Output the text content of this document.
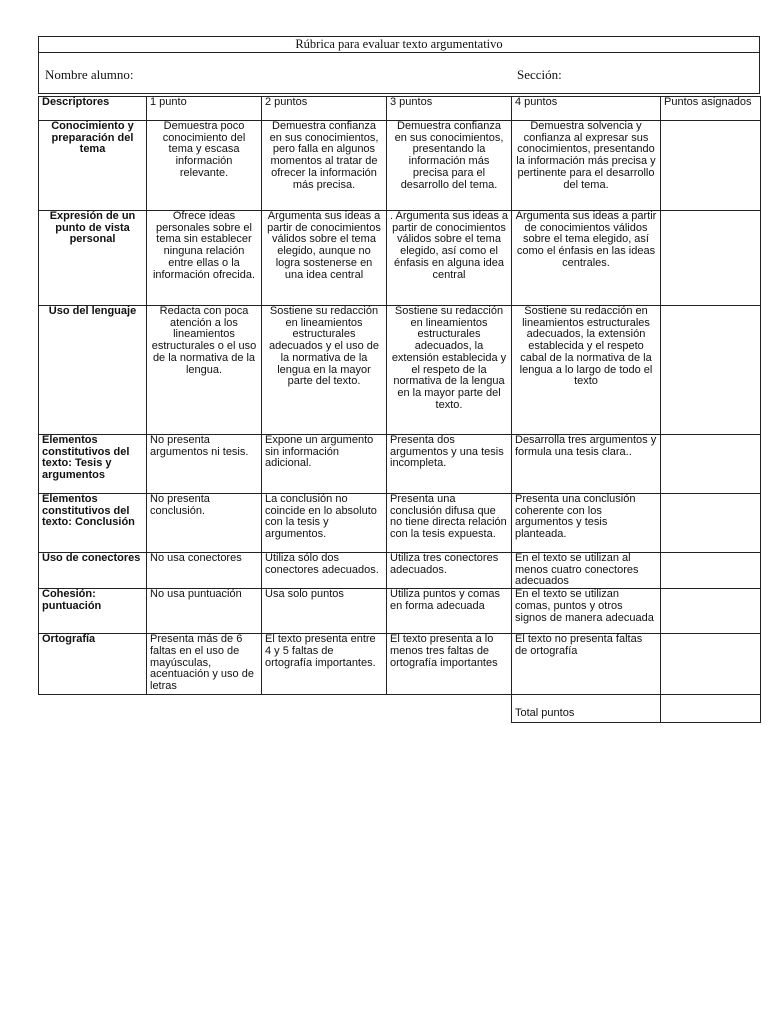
Rúbrica para evaluar texto argumentativo
Nombre alumno:	Sección:
Descriptores	1 punto	2 puntos	3 puntos	4 puntos	Puntos asignados
Conocimiento y preparación del tema	Demuestra poco conocimiento del tema y escasa información relevante.	Demuestra confianza en sus conocimientos, pero falla en algunos momentos al tratar de ofrecer la información más precisa.	Demuestra confianza en sus conocimientos, presentando la información más precisa para el desarrollo del tema.	Demuestra solvencia y confianza al expresar sus conocimientos, presentando la información más precisa y pertinente para el desarrollo del tema.	
Expresión de un punto de vista personal	Ofrece ideas personales sobre el tema sin establecer ninguna relación entre ellas o la información ofrecida.	Argumenta sus ideas a partir de conocimientos válidos sobre el tema elegido, aunque no logra sostenerse en una idea central	. Argumenta sus ideas a partir de conocimientos válidos sobre el tema elegido, así como el énfasis en alguna idea central	Argumenta sus ideas a partir de conocimientos válidos sobre el tema elegido, así como el énfasis en las ideas centrales.	
Uso del lenguaje	Redacta con poca atención a los lineamientos estructurales o el uso de la normativa de la lengua.	Sostiene su redacción en lineamientos estructurales adecuados y el uso de la normativa de la lengua en la mayor parte del texto.	Sostiene su redacción en lineamientos estructurales adecuados, la extensión establecida y el respeto de la normativa de la lengua en la mayor parte del texto.	Sostiene su redacción en lineamientos estructurales adecuados, la extensión establecida y el respeto cabal de la normativa de la lengua a lo largo de todo el texto	
Elementos constitutivos del texto: Tesis y argumentos	No presenta argumentos ni tesis.	Expone un argumento sin información adicional.	Presenta dos argumentos y una tesis incompleta.	Desarrolla tres argumentos y formula una tesis clara..	
Elementos constitutivos del texto: Conclusión	No presenta conclusión.	La conclusión no coincide en lo absoluto con la tesis y argumentos.	Presenta una conclusión difusa que no tiene directa relación con la tesis expuesta.	Presenta una conclusión coherente con los argumentos y tesis planteada.	
Uso de conectores	No usa conectores	Utiliza sólo dos conectores adecuados.	Utiliza tres conectores adecuados.	En el texto se utilizan al menos cuatro conectores adecuados	
Cohesión: puntuación	No usa puntuación	Usa solo puntos	Utiliza puntos y comas en forma adecuada	En el texto se utilizan comas, puntos y otros signos de manera adecuada	
Ortografía	Presenta más de 6 faltas en el uso de mayúsculas, acentuación y uso de letras	El texto presenta entre 4 y 5 faltas de ortografía importantes.	El texto presenta a lo menos tres faltas de ortografía importantes	El texto no presenta faltas de ortografía	
				Total puntos	
